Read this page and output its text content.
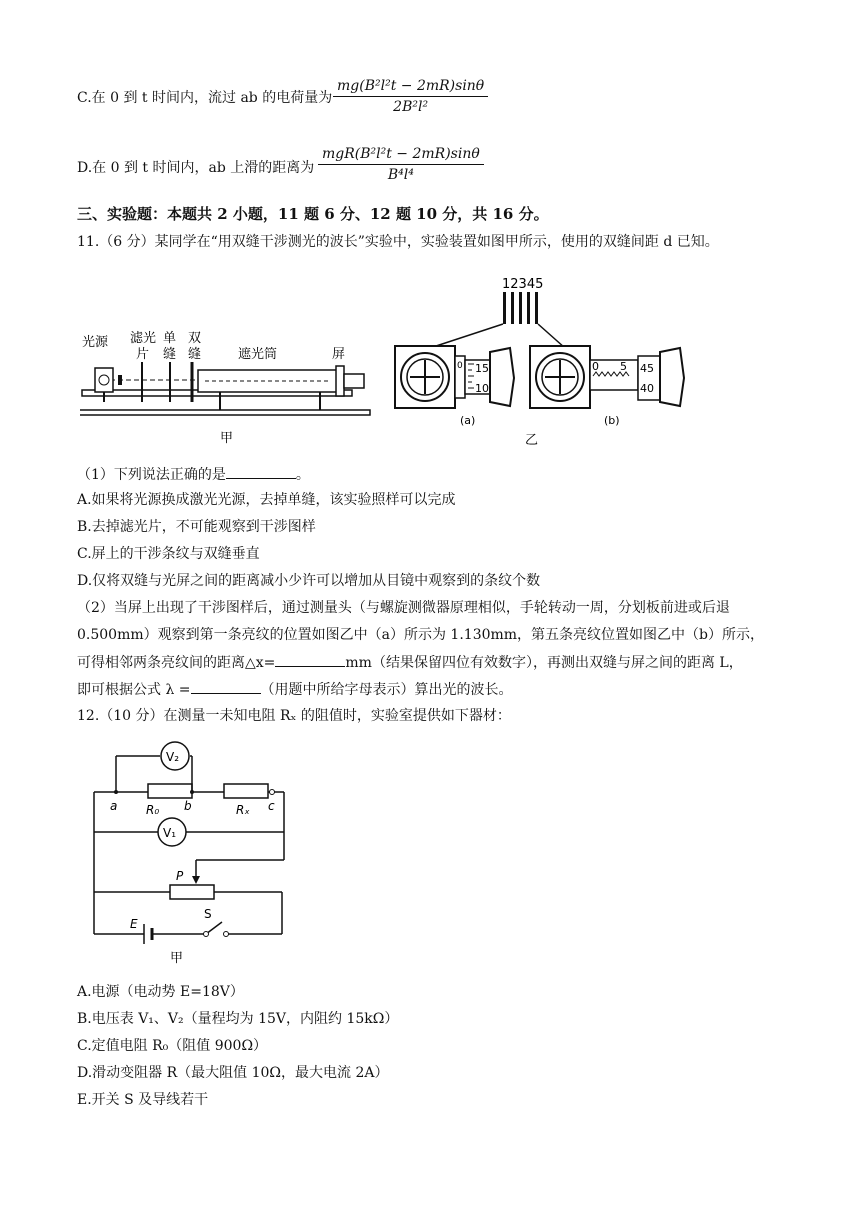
C.在 0 到 t 时间内，流过 ab 的电荷量为 $\frac{\text{mg(B²l²t − 2mR)sinθ}}{\text{2B²l²}}$
D.在 0 到 t 时间内，ab 上滑的距离为
mgR(B²l²t − 2mR)sinθ
B⁴l⁴
三、实验题：本题共 2 小题，11 题 6 分、12 题 10 分，共 16 分。
11.（6 分）某同学在“用双缝干涉测光的波长”实验中，实验装置如图甲所示，使用的双缝间距 d 已知。
光源 滤光
片
单
缝
双
缝	遮光筒	屏
甲
12345
15
10
0	0 5 45
40
(a)	(b)
乙
（1）下列说法正确的是	。
A.如果将光源换成激光光源，去掉单缝，该实验照样可以完成
B.去掉滤光片，不可能观察到干涉图样
C.屏上的干涉条纹与双缝垂直
D.仅将双缝与光屏之间的距离减小少许可以增加从目镜中观察到的条纹个数
（2）当屏上出现了干涉图样后，通过测量头（与螺旋测微器原理相似，手轮转动一周，分划板前进或后退
0.500mm）观察到第一条亮纹的位置如图乙中（a）所示为 1.130mm，第五条亮纹位置如图乙中（b）所示，
可得相邻两条亮纹间的距离△x=	mm（结果保留四位有效数字），再测出双缝与屏之间的距离 L，
即可根据公式 λ =	（用题中所给字母表示）算出光的波长。
12.（10 分）在测量一未知电阻 Rₓ 的阻值时，实验室提供如下器材：
V₂
V₁
a	b	c
R₀	Rₓ
P
E
S
甲
A.电源（电动势 E=18V）
B.电压表 V₁、V₂（量程均为 15V，内阻约 15kΩ）
C.定值电阻 R₀（阻值 900Ω）
D.滑动变阻器 R（最大阻值 10Ω，最大电流 2A）
E.开关 S 及导线若干
